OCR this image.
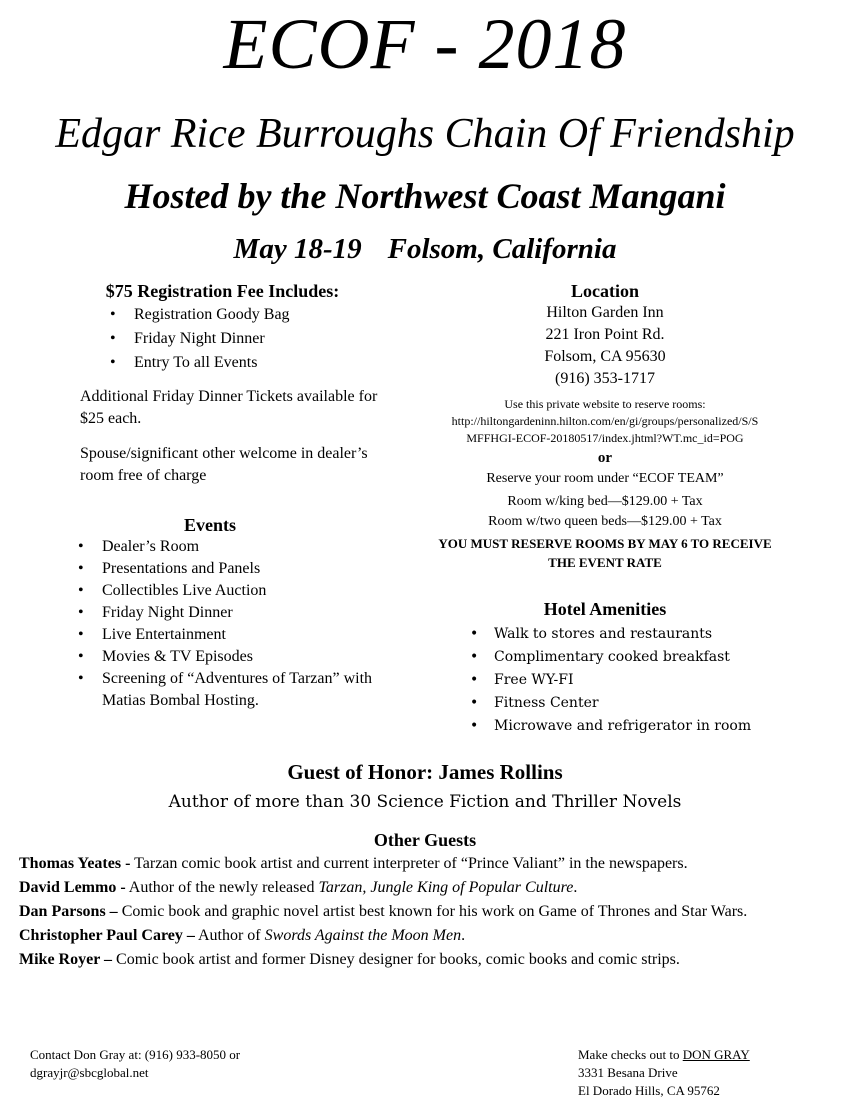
ECOF - 2018
Edgar Rice Burroughs Chain Of Friendship
Hosted by the Northwest Coast Mangani
May 18-19 Folsom, California
$75 Registration Fee Includes:
• Registration Goody Bag
• Friday Night Dinner
• Entry To all Events
Additional Friday Dinner Tickets available for $25 each.
Spouse/significant other welcome in dealer’s room free of charge
Events
• Dealer’s Room
• Presentations and Panels
• Collectibles Live Auction
• Friday Night Dinner
• Live Entertainment
• Movies & TV Episodes
• Screening of “Adventures of Tarzan” with Matias Bombal Hosting.
Location
Hilton Garden Inn
221 Iron Point Rd.
Folsom, CA 95630
(916) 353-1717
Use this private website to reserve rooms:
http://hiltongardeninn.hilton.com/en/gi/groups/personalized/S/S
MFFHGI-ECOF-20180517/index.jhtml?WT.mc_id=POG
or
Reserve your room under “ECOF TEAM”
Room w/king bed—$129.00 + Tax
Room w/two queen beds—$129.00 + Tax
YOU MUST RESERVE ROOMS BY MAY 6 TO RECEIVE
THE EVENT RATE
Hotel Amenities
• Walk to stores and restaurants
• Complimentary cooked breakfast
• Free WY-FI
• Fitness Center
• Microwave and refrigerator in room
Guest of Honor: James Rollins
Author of more than 30 Science Fiction and Thriller Novels
Other Guests
Thomas Yeates - Tarzan comic book artist and current interpreter of “Prince Valiant” in the newspapers.
David Lemmo - Author of the newly released Tarzan, Jungle King of Popular Culture.
Dan Parsons – Comic book and graphic novel artist best known for his work on Game of Thrones and Star Wars.
Christopher Paul Carey – Author of Swords Against the Moon Men.
Mike Royer – Comic book artist and former Disney designer for books, comic books and comic strips.
Contact Don Gray at: (916) 933-8050 or
dgrayjr@sbcglobal.net
Make checks out to DON GRAY
3331 Besana Drive
El Dorado Hills, CA 95762
